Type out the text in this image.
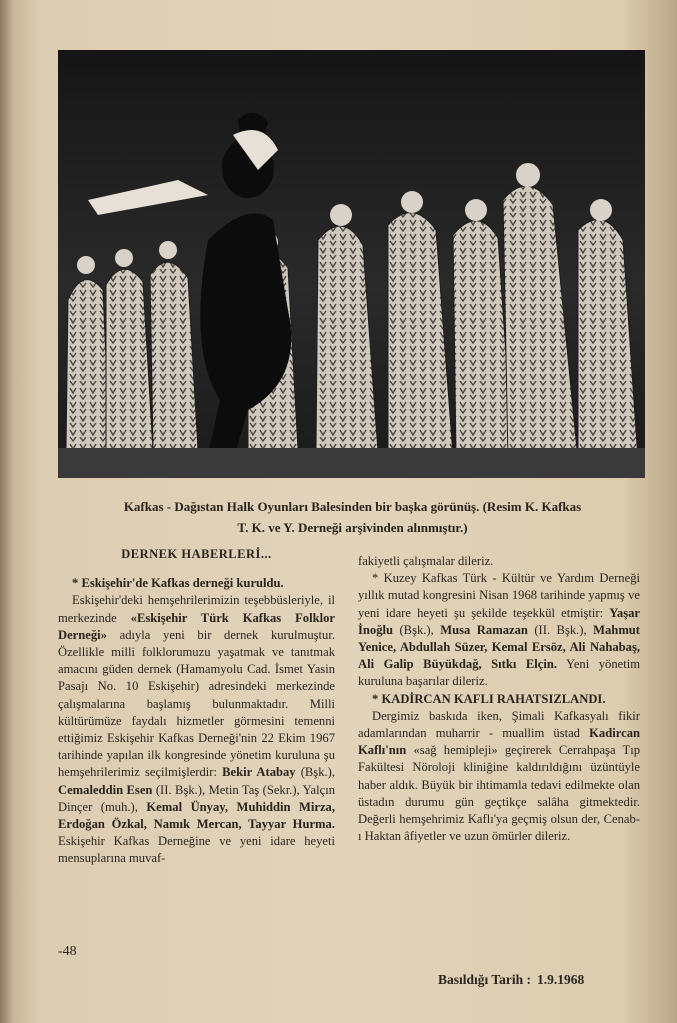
Kafkas - Dağıstan Halk Oyunları Balesinden bir başka görünüş. (Resim K. Kafkas
T. K. ve Y. Derneği arşivinden alınmıştır.)

DERNEK HABERLERİ...

* Eskişehir'de Kafkas derneği kuruldu.

Eskişehir'deki hemşehrilerimizin teşebbüsleriyle, il merkezinde «Eskişehir Türk Kafkas Folklor Derneği» adıyla yeni bir dernek kurulmuştur. Özellikle milli folklorumuzu yaşatmak ve tanıtmak amacını güden dernek (Hamamyolu Cad. İsmet Yasin Pasajı No. 10 Eskişehir) adresindeki merkezinde çalışmalarına başlamış bulunmaktadır. Milli kültürümüze faydalı hizmetler görmesini temenni ettiğimiz Eskişehir Kafkas Derneği'nin 22 Ekim 1967 tarihinde yapılan ilk kongresinde yönetim kuruluna şu hemşehrilerimiz seçilmişlerdir: Bekir Atabay (Bşk.), Cemaleddin Esen (II. Bşk.), Metin Taş (Sekr.), Yalçın Dinçer (muh.), Kemal Ünyay, Muhiddin Mirza, Erdoğan Özkal, Namık Mercan, Tayyar Hurma. Eskişehir Kafkas Derneğine ve yeni idare heyeti mensuplarına muvaf-

fakiyetli çalışmalar dileriz.

* Kuzey Kafkas Türk - Kültür ve Yardım Derneği yıllık mutad kongresini Nisan 1968 tarihinde yapmış ve yeni idare heyeti şu şekilde teşekkül etmiştir: Yaşar İnoğlu (Bşk.), Musa Ramazan (II. Bşk.), Mahmut Yenice, Abdullah Süzer, Kemal Ersöz, Ali Nahabaş, Ali Galip Büyükdağ, Sıtkı Elçin. Yeni yönetim kuruluna başarılar dileriz.

* KADİRCAN KAFLI RAHATSIZLANDI.

Dergimiz baskıda iken, Şimali Kafkasyalı fikir adamlarından muharrir - muallim üstad Kadircan Kaflı'nın «sağ hemipleji» geçirerek Cerrahpaşa Tıp Fakültesi Nöroloji kliniğine kaldırıldığını üzüntüyle haber aldık. Büyük bir ihtimamla tedavi edilmekte olan üstadın durumu gün geçtikçe salâha gitmektedir. Değerli hemşehrimiz Kaflı'ya geçmiş olsun der, Cenab-ı Haktan âfiyetler ve uzun ömürler dileriz.

-48
Basıldığı Tarih : 1.9.1968
